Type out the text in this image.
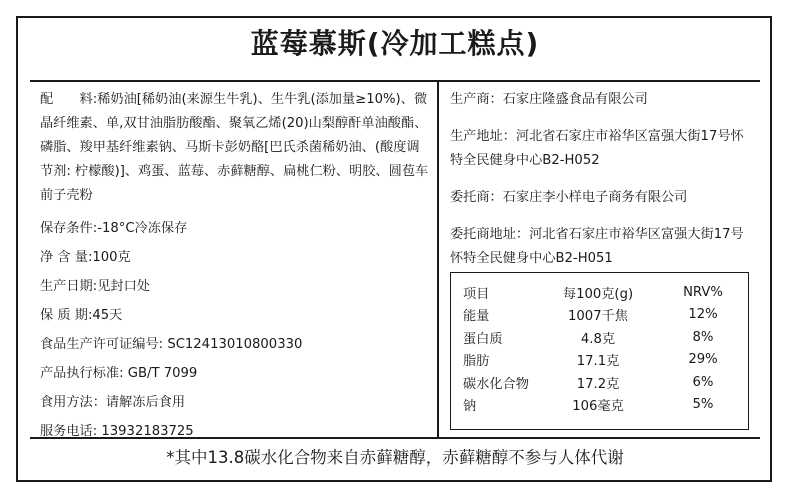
蓝莓慕斯(冷加工糕点)

配　　料:稀奶油[稀奶油(来源生牛乳)、生牛乳(添加量≥10%)、微晶纤维素、单,双甘油脂肪酸酯、聚氧乙烯(20)山梨醇酐单油酸酯、磷脂、羧甲基纤维素钠、马斯卡彭奶酪[巴氏杀菌稀奶油、(酸度调节剂: 柠檬酸)]、鸡蛋、蓝莓、赤藓糖醇、扁桃仁粉、明胶、圆苞车前子壳粉

保存条件:-18°C冷冻保存

净 含 量:100克

生产日期:见封口处

保 质 期:45天

食品生产许可证编号: SC12413010800330

产品执行标准: GB/T 7099

食用方法：请解冻后食用

服务电话: 13932183725

生产商：石家庄隆盛食品有限公司
生产地址：河北省石家庄市裕华区富强大街17号怀特全民健身中心B2-H052
委托商：石家庄李小样电子商务有限公司
委托商地址：河北省石家庄市裕华区富强大街17号怀特全民健身中心B2-H051
项目	每100克(g)	NRV%
能量	1007千焦	12%
蛋白质	4.8克	8%
脂肪	17.1克	29%
碳水化合物	17.2克	6%
钠	106毫克	5%
*其中13.8碳水化合物来自赤藓糖醇，赤藓糖醇不参与人体代谢
